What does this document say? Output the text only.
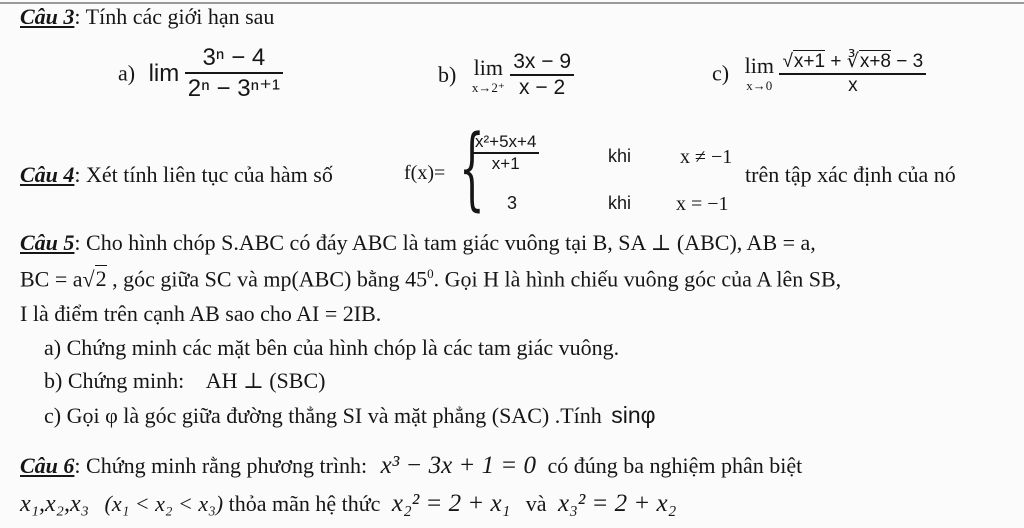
Câu 3: Tính các giới hạn sau
a) $\lim \frac{\text{3ⁿ − 4}}{\text{2ⁿ − 3ⁿ⁺¹}}$	b) lim
x→2⁺
$\frac{3x - 9}{x - 2}$	c) lim
x→0
$\frac{√x+1 + ∛x+8 - 3}{x}$
Câu 4: Xét tính liên tục của hàm số	f(x)= {
$\frac{\text{x²+5x+4}}{x+1}$	khi x ≠ −1
3	khi x = −1
trên tập xác định của nó
Câu 5: Cho hình chóp S.ABC có đáy ABC là tam giác vuông tại B, SA ⊥ (ABC), AB = a,
BC = a√2 , góc giữa SC và mp(ABC) bằng $45^0$. Gọi H là hình chiếu vuông góc của A lên SB,
I là điểm trên cạnh AB sao cho AI = 2IB.
a) Chứng minh các mặt bên của hình chóp là các tam giác vuông.
b) Chứng minh: AH ⊥ (SBC)
c) Gọi φ là góc giữa đường thẳng SI và mặt phẳng (SAC) .Tính sinφ
Câu 6: Chứng minh rằng phương trình: x³ − 3x + 1 = 0 có đúng ba nghiệm phân biệt
x₁,x₂,x₃ (x₁ < x₂ < x₃) thỏa mãn hệ thức x₂² = 2 + x₁ và x₃² = 2 + x₂
